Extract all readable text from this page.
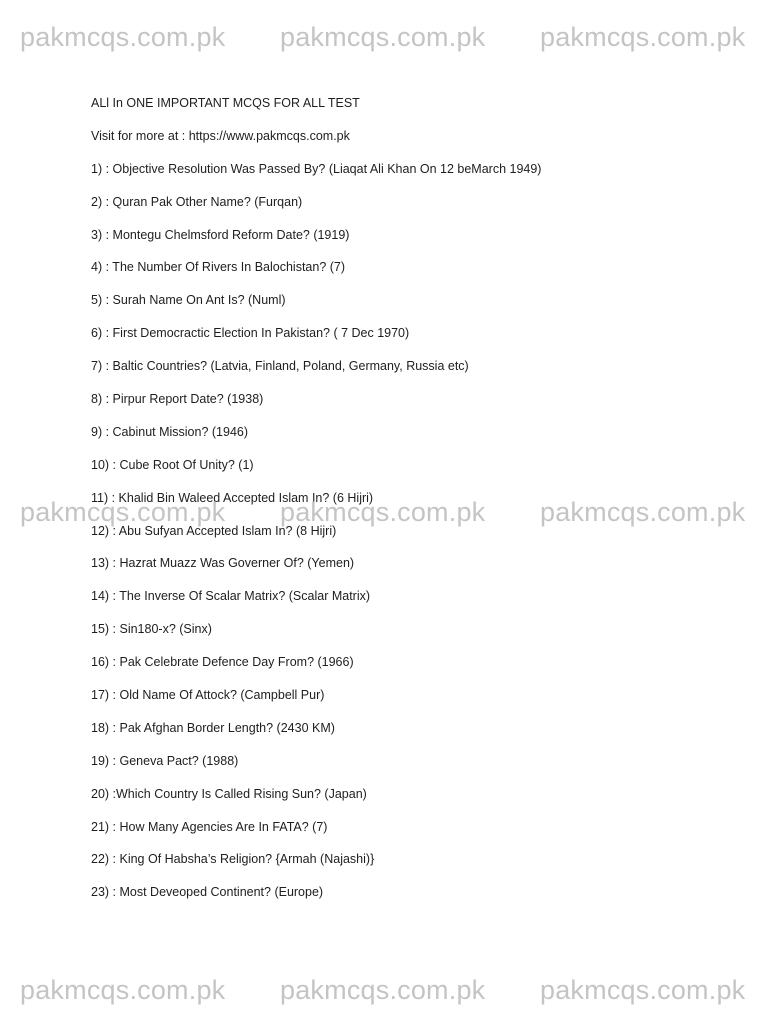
pakmcqs.com.pk pakmcqs.com.pk pakmcqs.com.pk
pakmcqs.com.pk pakmcqs.com.pk pakmcqs.com.pk
pakmcqs.com.pk pakmcqs.com.pk pakmcqs.com.pk
ALl In ONE IMPORTANT MCQS FOR ALL TEST
Visit for more at : https://www.pakmcqs.com.pk
1) : Objective Resolution Was Passed By? (Liaqat Ali Khan On 12 beMarch 1949)
2) : Quran Pak Other Name? (Furqan)
3) : Montegu Chelmsford Reform Date? (1919)
4) : The Number Of Rivers In Balochistan? (7)
5) : Surah Name On Ant Is? (Numl)
6) : First Democractic Election In Pakistan? ( 7 Dec 1970)
7) : Baltic Countries? (Latvia, Finland, Poland, Germany, Russia etc)
8) : Pirpur Report Date? (1938)
9) : Cabinut Mission? (1946)
10) : Cube Root Of Unity? (1)
11) : Khalid Bin Waleed Accepted Islam In? (6 Hijri)
12) : Abu Sufyan Accepted Islam In? (8 Hijri)
13) : Hazrat Muazz Was Governer Of? (Yemen)
14) : The Inverse Of Scalar Matrix? (Scalar Matrix)
15) : Sin180-x? (Sinx)
16) : Pak Celebrate Defence Day From? (1966)
17) : Old Name Of Attock? (Campbell Pur)
18) : Pak Afghan Border Length? (2430 KM)
19) : Geneva Pact? (1988)
20) :Which Country Is Called Rising Sun? (Japan)
21) : How Many Agencies Are In FATA? (7)
22) : King Of Habsha’s Religion? {Armah (Najashi)}
23) : Most Deveoped Continent? (Europe)
